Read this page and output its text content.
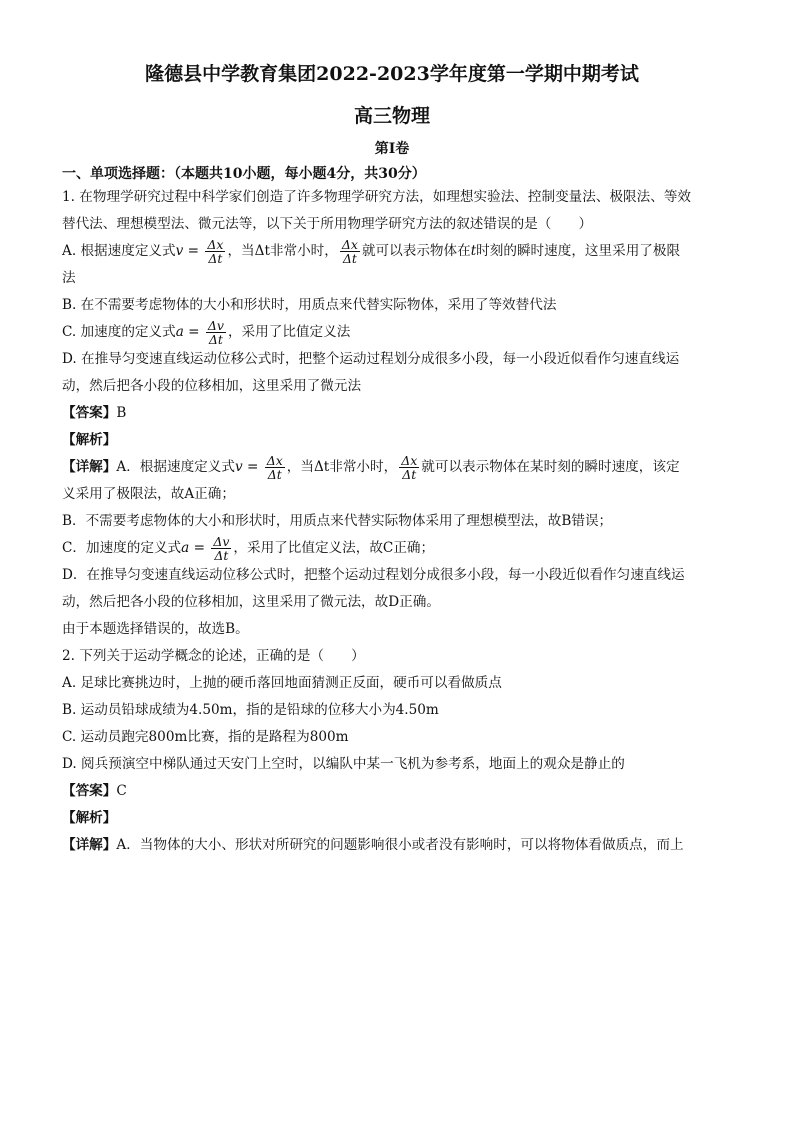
隆德县中学教育集团2022-2023学年度第一学期中期考试
高三物理
第Ⅰ卷
一、单项选择题：（本题共10小题，每小题4分，共30分）

1. 在物理学研究过程中科学家们创造了许多物理学研究方法，如理想实验法、控制变量法、极限法、等效

替代法、理想模型法、微元法等，以下关于所用物理学研究方法的叙述错误的是（　　）

A. 根据速度定义式$v = \frac{\Delta x}{\Delta t}$ ，当Δt非常小时， $\frac{\Delta x}{\Delta t}$ 就可以表示物体在t时刻的瞬时速度，这里采用了极限

法

B. 在不需要考虑物体的大小和形状时，用质点来代替实际物体，采用了等效替代法

C. 加速度的定义式$a = \frac{\Delta v}{\Delta t}$ ，采用了比值定义法

D. 在推导匀变速直线运动位移公式时，把整个运动过程划分成很多小段，每一小段近似看作匀速直线运

动，然后把各小段的位移相加，这里采用了微元法

【答案】B

【解析】

【详解】A．根据速度定义式$v = \frac{\Delta x}{\Delta t}$ ，当Δt非常小时， $\frac{\Delta x}{\Delta t}$ 就可以表示物体在某时刻的瞬时速度，该定

义采用了极限法，故A正确；

B．不需要考虑物体的大小和形状时，用质点来代替实际物体采用了理想模型法，故B错误；

C．加速度的定义式$a = \frac{\Delta v}{\Delta t}$ ，采用了比值定义法，故C正确；

D．在推导匀变速直线运动位移公式时，把整个运动过程划分成很多小段，每一小段近似看作匀速直线运

动，然后把各小段的位移相加，这里采用了微元法，故D正确。

由于本题选择错误的，故选B。

2. 下列关于运动学概念的论述，正确的是（　　）

A. 足球比赛挑边时，上抛的硬币落回地面猜测正反面，硬币可以看做质点

B. 运动员铅球成绩为4.50m，指的是铅球的位移大小为4.50m

C. 运动员跑完800m比赛，指的是路程为800m

D. 阅兵预演空中梯队通过天安门上空时，以编队中某一飞机为参考系，地面上的观众是静止的

【答案】C

【解析】

【详解】A．当物体的大小、形状对所研究的问题影响很小或者没有影响时，可以将物体看做质点，而上
